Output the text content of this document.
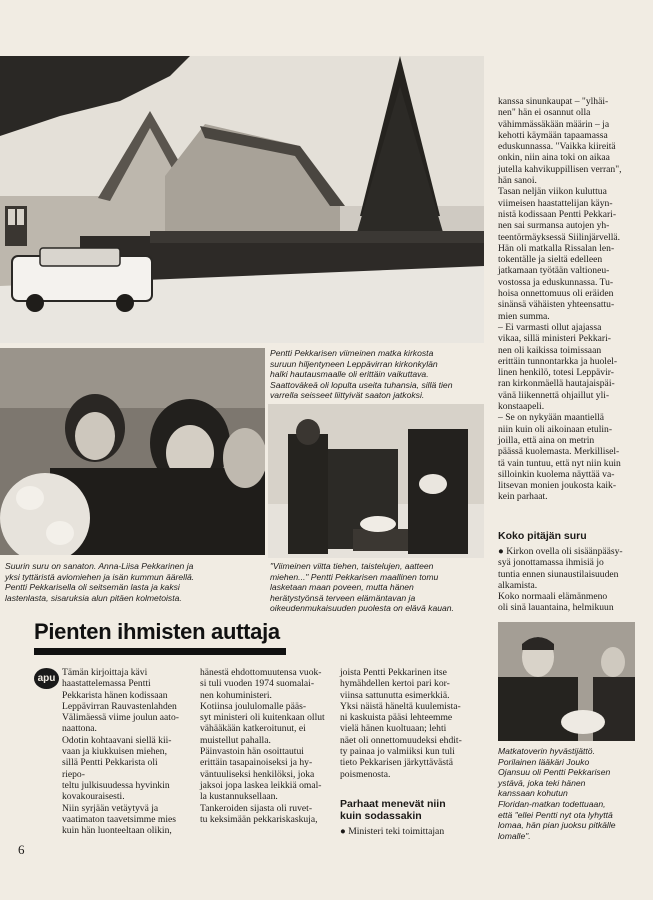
Pentti Pekkarisen viimeinen matka kirkosta
suruun hiljentyneen Leppävirran kirkonkylän
halki hautausmaalle oli erittäin vaikuttava.
Saattoväkeä oli lopulta useita tuhansia, sillä tien
varrella seisseet liittyivät saaton jatkoksi.
Suurin suru on sanaton. Anna-Liisa Pekkarinen ja
yksi tyttäristä aviomiehen ja isän kummun äärellä.
Pentti Pekkarisella oli seitsemän lasta ja kaksi
lastenlasta, sisaruksia alun pitäen kolmetoista.
"Viimeinen viitta tiehen, taistelujen, aatteen
miehen..." Pentti Pekkarisen maallinen tomu
lasketaan maan poveen, mutta hänen
herätystyönsä terveen elämäntavan ja
oikeudenmukaisuuden puolesta on elävä kauan.
Matkatoverin hyvästijättö.
Porilainen lääkäri Jouko
Ojansuu oli Pentti Pekkarisen
ystävä, joka teki hänen
kanssaan kohutun
Floridan-matkan todettuaan,
että "ellei Pentti nyt ota lyhyttä
lomaa, hän pian juoksu pitkälle
lomalle".
kanssa sinunkaupat – "ylhäi-
nen" hän ei osannut olla
vähimmässäkään määrin – ja
kehotti käymään tapaamassa
eduskunnassa. "Vaikka kiireitä
onkin, niin aina toki on aikaa
jutella kahvikuppillisen verran",
hän sanoi.
Tasan neljän viikon kuluttua
viimeisen haastattelijan käyn-
nistä kodissaan Pentti Pekkari-
nen sai surmansa autojen yh-
teentörmäyksessä Siilinjärvellä.
Hän oli matkalla Rissalan len-
tokentälle ja sieltä edelleen
jatkamaan työtään valtioneu-
vostossa ja eduskunnassa. Tu-
hoisa onnettomuus oli eräiden
sinänsä vähäisten yhteensattu-
mien summa.
– Ei varmasti ollut ajajassa
vikaa, sillä ministeri Pekkari-
nen oli kaikissa toimissaan
erittäin tunnontarkka ja huolel-
linen henkilö, totesi Leppävir-
ran kirkonmäellä hautajaispäi-
vänä liikennettä ohjaillut yli-
konstaapeli.
– Se on nykyään maantiellä
niin kuin oli aikoinaan etulin-
joilla, että aina on metrin
päässä kuolemasta. Merkillisel-
tä vain tuntuu, että nyt niin kuin
silloinkin kuolema näyttää va-
litsevan monien joukosta kaik-
kein parhaat.
Koko pitäjän suru
● Kirkon ovella oli sisäänpääsy-
syä jonottamassa ihmisiä jo
tuntia ennen siunaustilaisuuden
alkamista.
Koko normaali elämänmeno
oli sinä lauantaina, helmikuun
Pienten ihmisten auttaja
apu
Tämän kirjoittaja kävi
haastattelemassa Pentti
Pekkarista hänen kodissaan
Leppävirran Rauvastenlahden
Välimäessä viime joulun aato-
naattona.
Odotin kohtaavani siellä kii-
vaan ja kiukkuisen miehen,
sillä Pentti Pekkarista oli riepo-
teltu julkisuudessa hyvinkin
kovakouraisesti.
Niin syrjään vetäytyvä ja
vaatimaton taavetsimme mies
kuin hän luonteeltaan olikin,
hänestä ehdottomuutensa vuok-
si tuli vuoden 1974 suomalai-
nen kohuministeri.
Kotiinsa joululomalle pääs-
syt ministeri oli kuitenkaan ollut
vähääkään katkeroitunut, ei
muistellut pahalla.
Päinvastoin hän osoittautui
erittäin tasapainoiseksi ja hy-
väntuuliseksi henkilöksi, joka
jaksoi jopa laskea leikkiä omal-
la kustannuksellaan.
Tankeroiden sijasta oli ruvet-
tu keksimään pekkariskaskuja,
joista Pentti Pekkarinen itse
hymähdellen kertoi pari kor-
viinsa sattunutta esimerkkiä.
Yksi näistä häneltä kuulemista-
ni kaskuista pääsi lehteemme
vielä hänen kuoltuaan; lehti
näet oli onnettomuudeksi ehdit-
ty painaa jo valmiiksi kun tuli
tieto Pekkarisen järkyttävästä
poismenosta.
Parhaat menevät niin
kuin sodassakin
● Ministeri teki toimittajan
6
